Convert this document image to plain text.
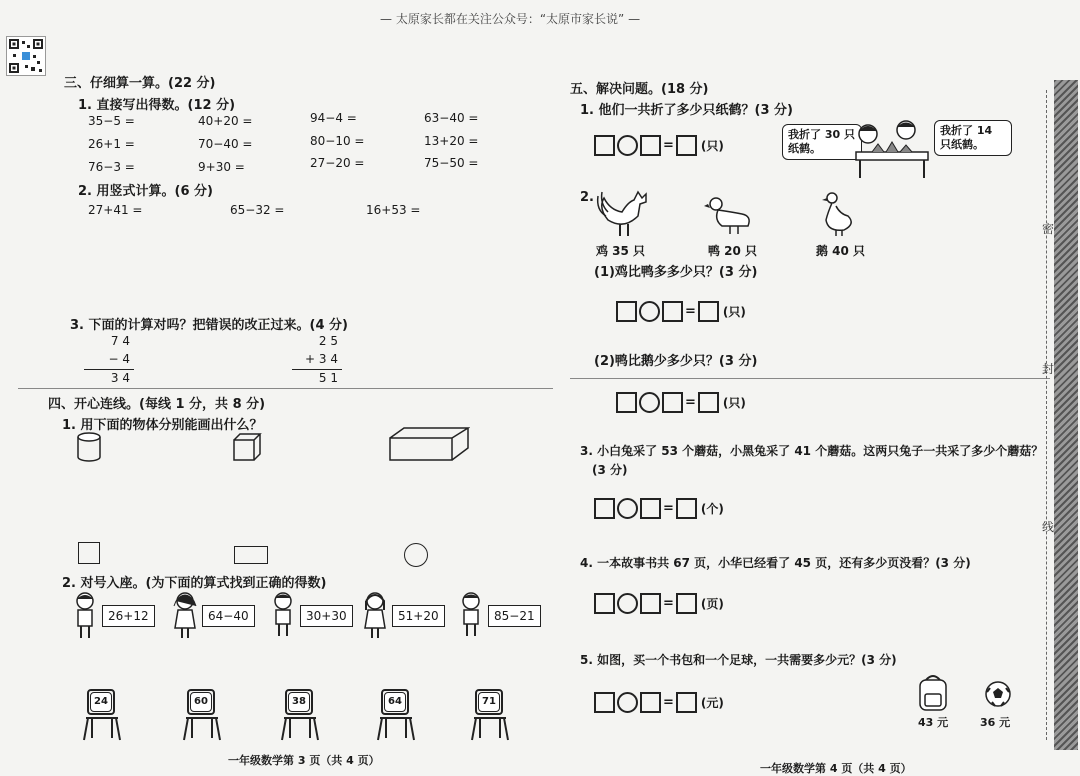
— 太原家长都在关注公众号：“太原市家长说” —
三、仔细算一算。(22 分)
1. 直接写出得数。(12 分)
35−5 =	40+20 =	94−4 =	63−40 =
26+1 =	70−40 =	80−10 =	13+20 =
76−3 =	9+30 =	27−20 =	75−50 =
2. 用竖式计算。(6 分)
27+41 =	65−32 =	16+53 =
3. 下面的计算对吗？把错误的改正过来。(4 分)
7 4
− 4
3 4
2 5
+ 3 4
5 1
四、开心连线。(每线 1 分，共 8 分)
1. 用下面的物体分别能画出什么？
2. 对号入座。(为下面的算式找到正确的得数)
26+12	64−40	30+30	51+20	85−21
24	60	38	64	71
一年级数学第 3 页（共 4 页）
五、解决问题。(18 分)
1. 他们一共折了多少只纸鹤？(3 分)
= (只)
我折了 30 只纸鹤。
我折了 14 只纸鹤。
2.
鸡 35 只	鸭 20 只	鹅 40 只
(1)鸡比鸭多多少只？(3 分)
= (只)
(2)鸭比鹅少多少只？(3 分)
= (只)
3. 小白兔采了 53 个蘑菇，小黑兔采了 41 个蘑菇。这两只兔子一共采了多少个蘑菇？
(3 分)
= (个)
4. 一本故事书共 67 页，小华已经看了 45 页，还有多少页没看？(3 分)
= (页)
5. 如图，买一个书包和一个足球，一共需要多少元？(3 分)
= (元)
43 元	36 元
一年级数学第 4 页（共 4 页）
密
封
线
